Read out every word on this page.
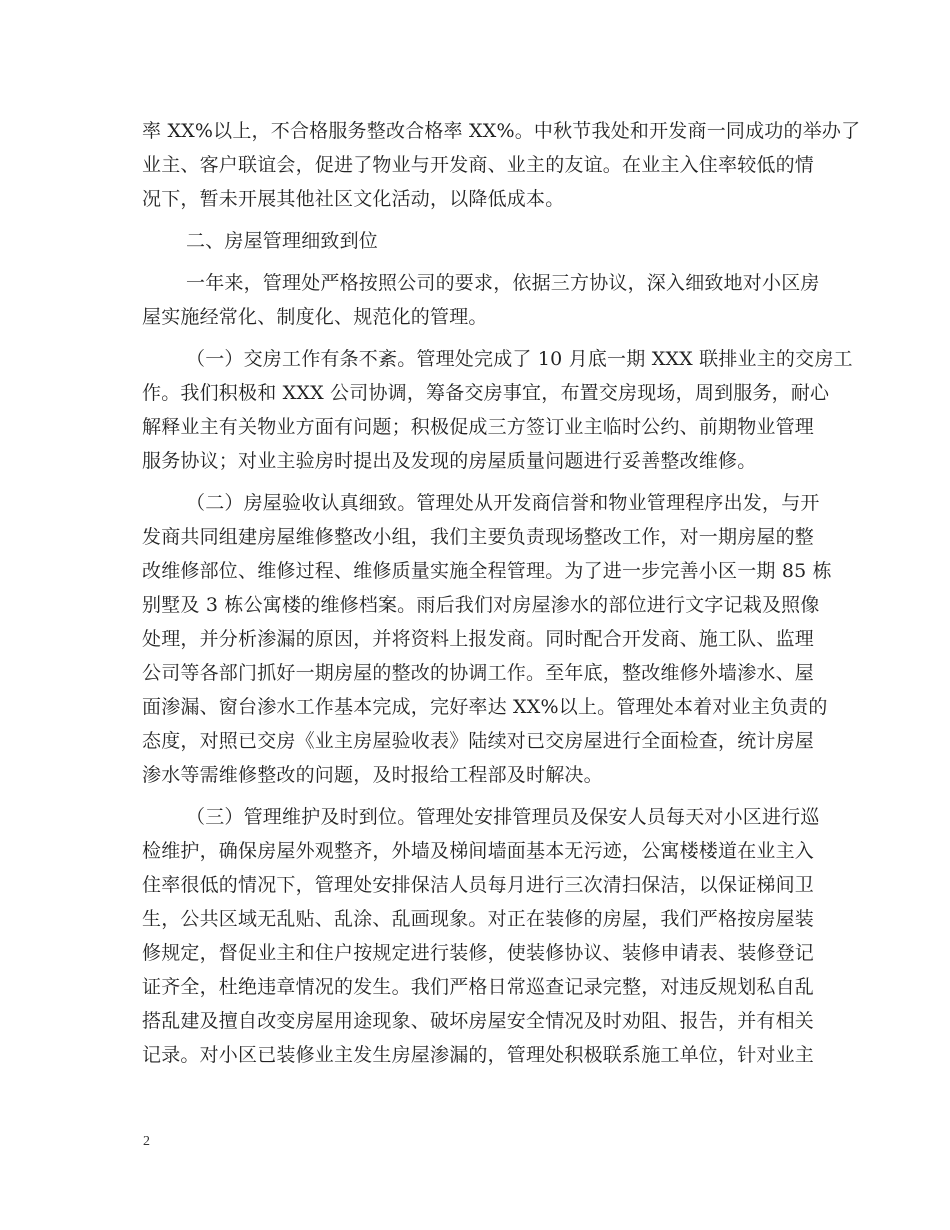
率 XX%以上，不合格服务整改合格率 XX%。中秋节我处和开发商一同成功的举办了
业主、客户联谊会，促进了物业与开发商、业主的友谊。在业主入住率较低的情
况下，暂未开展其他社区文化活动，以降低成本。
二、房屋管理细致到位
一年来，管理处严格按照公司的要求，依据三方协议，深入细致地对小区房
屋实施经常化、制度化、规范化的管理。
（一）交房工作有条不紊。管理处完成了 10 月底一期 XXX 联排业主的交房工
作。我们积极和 XXX 公司协调，筹备交房事宜，布置交房现场，周到服务，耐心
解释业主有关物业方面有问题；积极促成三方签订业主临时公约、前期物业管理
服务协议；对业主验房时提出及发现的房屋质量问题进行妥善整改维修。
（二）房屋验收认真细致。管理处从开发商信誉和物业管理程序出发，与开
发商共同组建房屋维修整改小组，我们主要负责现场整改工作，对一期房屋的整
改维修部位、维修过程、维修质量实施全程管理。为了进一步完善小区一期 85 栋
别墅及 3 栋公寓楼的维修档案。雨后我们对房屋渗水的部位进行文字记栽及照像
处理，并分析渗漏的原因，并将资料上报发商。同时配合开发商、施工队、监理
公司等各部门抓好一期房屋的整改的协调工作。至年底，整改维修外墙渗水、屋
面渗漏、窗台渗水工作基本完成，完好率达 XX%以上。管理处本着对业主负责的
态度，对照已交房《业主房屋验收表》陆续对已交房屋进行全面检查，统计房屋
渗水等需维修整改的问题，及时报给工程部及时解决。
（三）管理维护及时到位。管理处安排管理员及保安人员每天对小区进行巡
检维护，确保房屋外观整齐，外墙及梯间墙面基本无污迹，公寓楼楼道在业主入
住率很低的情况下，管理处安排保洁人员每月进行三次清扫保洁，以保证梯间卫
生，公共区域无乱贴、乱涂、乱画现象。对正在装修的房屋，我们严格按房屋装
修规定，督促业主和住户按规定进行装修，使装修协议、装修申请表、装修登记
证齐全，杜绝违章情况的发生。我们严格日常巡查记录完整，对违反规划私自乱
搭乱建及擅自改变房屋用途现象、破坏房屋安全情况及时劝阻、报告，并有相关
记录。对小区已装修业主发生房屋渗漏的，管理处积极联系施工单位，针对业主
2
